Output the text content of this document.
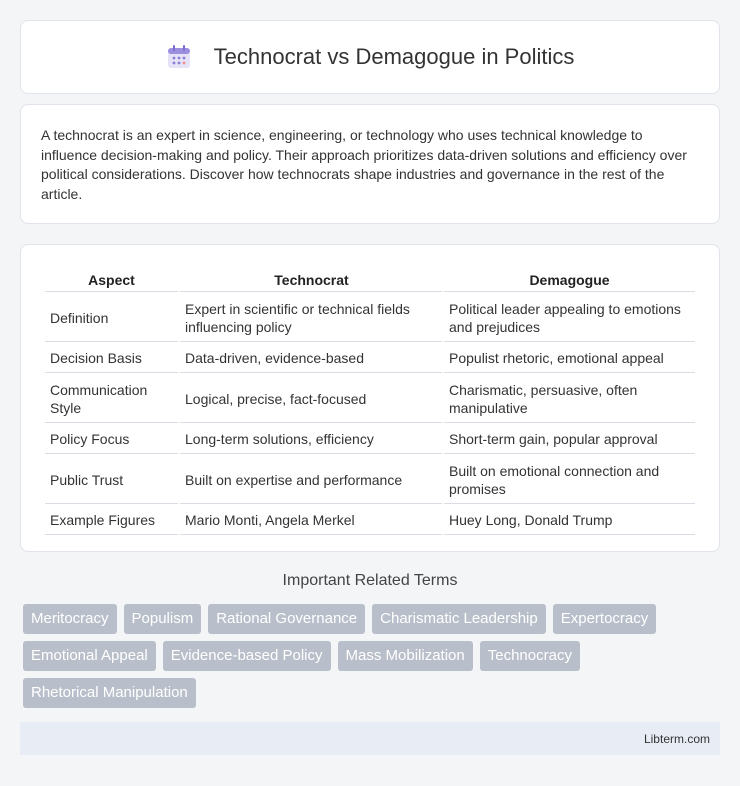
Technocrat vs Demagogue in Politics

A technocrat is an expert in science, engineering, or technology who uses technical knowledge to influence decision-making and policy. Their approach prioritizes data-driven solutions and efficiency over political considerations. Discover how technocrats shape industries and governance in the rest of the article.

Aspect	Technocrat	Demagogue
Definition	Expert in scientific or technical fields influencing policy	Political leader appealing to emotions and prejudices
Decision Basis	Data-driven, evidence-based	Populist rhetoric, emotional appeal
Communication Style	Logical, precise, fact-focused	Charismatic, persuasive, often manipulative
Policy Focus	Long-term solutions, efficiency	Short-term gain, popular approval
Public Trust	Built on expertise and performance	Built on emotional connection and promises
Example Figures	Mario Monti, Angela Merkel	Huey Long, Donald Trump
Important Related Terms
Meritocracy	Populism	Rational Governance	Charismatic Leadership	Expertocracy
Emotional Appeal	Evidence-based Policy	Mass Mobilization	Technocracy
Rhetorical Manipulation
Libterm.com
